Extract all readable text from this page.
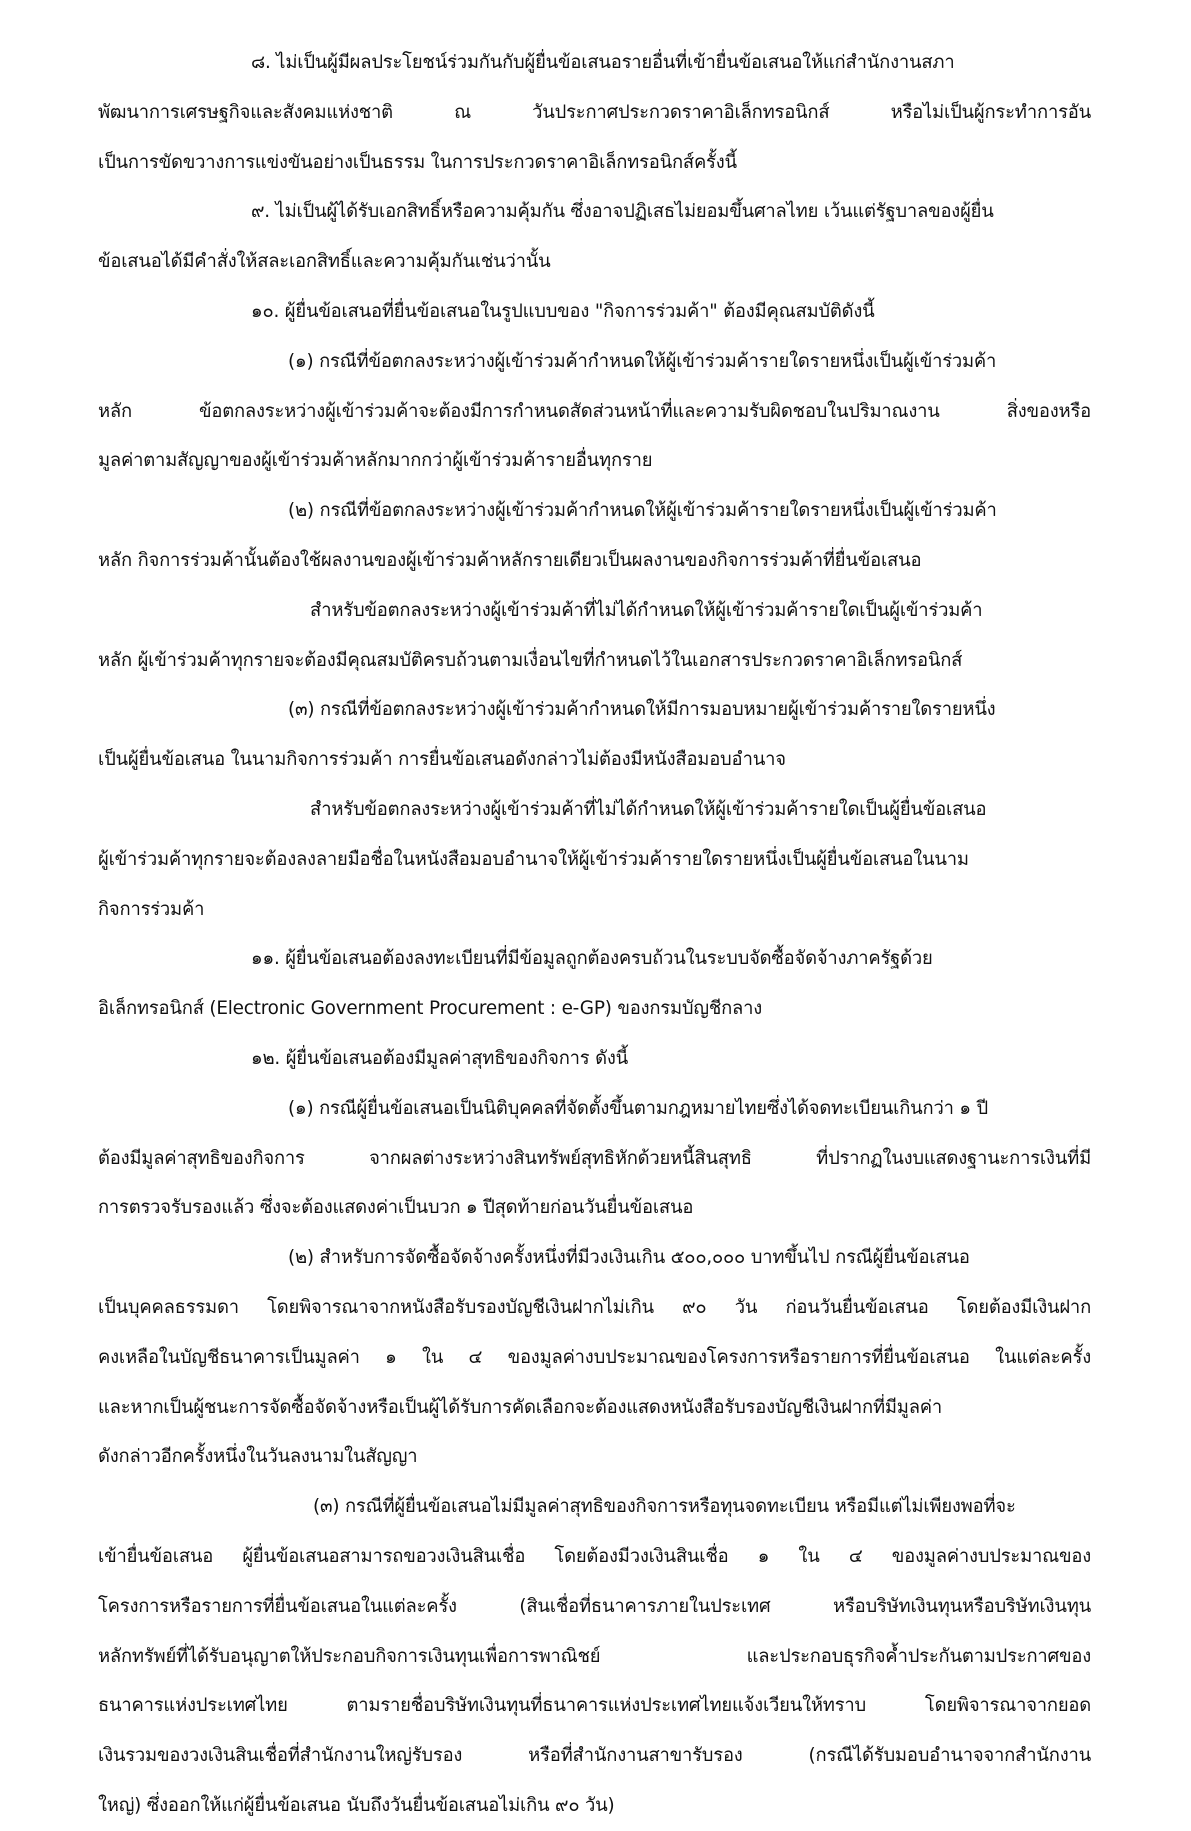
๘. ไม่เป็นผู้มีผลประโยชน์ร่วมกันกับผู้ยื่นข้อเสนอรายอื่นที่เข้ายื่นข้อเสนอให้แก่สำนักงานสภา
พัฒนาการเศรษฐกิจและสังคมแห่งชาติ ณ วันประกาศประกวดราคาอิเล็กทรอนิกส์ หรือไม่เป็นผู้กระทำการอัน
เป็นการขัดขวางการแข่งขันอย่างเป็นธรรม ในการประกวดราคาอิเล็กทรอนิกส์ครั้งนี้
๙. ไม่เป็นผู้ได้รับเอกสิทธิ์หรือความคุ้มกัน ซึ่งอาจปฏิเสธไม่ยอมขึ้นศาลไทย เว้นแต่รัฐบาลของผู้ยื่น
ข้อเสนอได้มีคำสั่งให้สละเอกสิทธิ์และความคุ้มกันเช่นว่านั้น
๑๐. ผู้ยื่นข้อเสนอที่ยื่นข้อเสนอในรูปแบบของ "กิจการร่วมค้า" ต้องมีคุณสมบัติดังนี้
(๑) กรณีที่ข้อตกลงระหว่างผู้เข้าร่วมค้ากำหนดให้ผู้เข้าร่วมค้ารายใดรายหนึ่งเป็นผู้เข้าร่วมค้า
หลัก ข้อตกลงระหว่างผู้เข้าร่วมค้าจะต้องมีการกำหนดสัดส่วนหน้าที่และความรับผิดชอบในปริมาณงาน สิ่งของหรือ
มูลค่าตามสัญญาของผู้เข้าร่วมค้าหลักมากกว่าผู้เข้าร่วมค้ารายอื่นทุกราย
(๒) กรณีที่ข้อตกลงระหว่างผู้เข้าร่วมค้ากำหนดให้ผู้เข้าร่วมค้ารายใดรายหนึ่งเป็นผู้เข้าร่วมค้า
หลัก กิจการร่วมค้านั้นต้องใช้ผลงานของผู้เข้าร่วมค้าหลักรายเดียวเป็นผลงานของกิจการร่วมค้าที่ยื่นข้อเสนอ
สำหรับข้อตกลงระหว่างผู้เข้าร่วมค้าที่ไม่ได้กำหนดให้ผู้เข้าร่วมค้ารายใดเป็นผู้เข้าร่วมค้า
หลัก ผู้เข้าร่วมค้าทุกรายจะต้องมีคุณสมบัติครบถ้วนตามเงื่อนไขที่กำหนดไว้ในเอกสารประกวดราคาอิเล็กทรอนิกส์
(๓) กรณีที่ข้อตกลงระหว่างผู้เข้าร่วมค้ากำหนดให้มีการมอบหมายผู้เข้าร่วมค้ารายใดรายหนึ่ง
เป็นผู้ยื่นข้อเสนอ ในนามกิจการร่วมค้า การยื่นข้อเสนอดังกล่าวไม่ต้องมีหนังสือมอบอำนาจ
สำหรับข้อตกลงระหว่างผู้เข้าร่วมค้าที่ไม่ได้กำหนดให้ผู้เข้าร่วมค้ารายใดเป็นผู้ยื่นข้อเสนอ
ผู้เข้าร่วมค้าทุกรายจะต้องลงลายมือชื่อในหนังสือมอบอำนาจให้ผู้เข้าร่วมค้ารายใดรายหนึ่งเป็นผู้ยื่นข้อเสนอในนาม
กิจการร่วมค้า
๑๑. ผู้ยื่นข้อเสนอต้องลงทะเบียนที่มีข้อมูลถูกต้องครบถ้วนในระบบจัดซื้อจัดจ้างภาครัฐด้วย
อิเล็กทรอนิกส์ (Electronic Government Procurement : e-GP) ของกรมบัญชีกลาง
๑๒. ผู้ยื่นข้อเสนอต้องมีมูลค่าสุทธิของกิจการ ดังนี้
(๑) กรณีผู้ยื่นข้อเสนอเป็นนิติบุคคลที่จัดตั้งขึ้นตามกฎหมายไทยซึ่งได้จดทะเบียนเกินกว่า ๑ ปี
ต้องมีมูลค่าสุทธิของกิจการ จากผลต่างระหว่างสินทรัพย์สุทธิหักด้วยหนี้สินสุทธิ ที่ปรากฏในงบแสดงฐานะการเงินที่มี
การตรวจรับรองแล้ว ซึ่งจะต้องแสดงค่าเป็นบวก ๑ ปีสุดท้ายก่อนวันยื่นข้อเสนอ
(๒) สำหรับการจัดซื้อจัดจ้างครั้งหนึ่งที่มีวงเงินเกิน ๕๐๐,๐๐๐ บาทขึ้นไป กรณีผู้ยื่นข้อเสนอ
เป็นบุคคลธรรมดา โดยพิจารณาจากหนังสือรับรองบัญชีเงินฝากไม่เกิน ๙๐ วัน ก่อนวันยื่นข้อเสนอ โดยต้องมีเงินฝาก
คงเหลือในบัญชีธนาคารเป็นมูลค่า ๑ ใน ๔ ของมูลค่างบประมาณของโครงการหรือรายการที่ยื่นข้อเสนอ ในแต่ละครั้ง
และหากเป็นผู้ชนะการจัดซื้อจัดจ้างหรือเป็นผู้ได้รับการคัดเลือกจะต้องแสดงหนังสือรับรองบัญชีเงินฝากที่มีมูลค่า
ดังกล่าวอีกครั้งหนึ่งในวันลงนามในสัญญา
(๓) กรณีที่ผู้ยื่นข้อเสนอไม่มีมูลค่าสุทธิของกิจการหรือทุนจดทะเบียน หรือมีแต่ไม่เพียงพอที่จะ
เข้ายื่นข้อเสนอ ผู้ยื่นข้อเสนอสามารถขอวงเงินสินเชื่อ โดยต้องมีวงเงินสินเชื่อ ๑ ใน ๔ ของมูลค่างบประมาณของ
โครงการหรือรายการที่ยื่นข้อเสนอในแต่ละครั้ง (สินเชื่อที่ธนาคารภายในประเทศ หรือบริษัทเงินทุนหรือบริษัทเงินทุน
หลักทรัพย์ที่ได้รับอนุญาตให้ประกอบกิจการเงินทุนเพื่อการพาณิชย์ และประกอบธุรกิจค้ำประกันตามประกาศของ
ธนาคารแห่งประเทศไทย ตามรายชื่อบริษัทเงินทุนที่ธนาคารแห่งประเทศไทยแจ้งเวียนให้ทราบ โดยพิจารณาจากยอด
เงินรวมของวงเงินสินเชื่อที่สำนักงานใหญ่รับรอง หรือที่สำนักงานสาขารับรอง (กรณีได้รับมอบอำนาจจากสำนักงาน
ใหญ่) ซึ่งออกให้แก่ผู้ยื่นข้อเสนอ นับถึงวันยื่นข้อเสนอไม่เกิน ๙๐ วัน)
